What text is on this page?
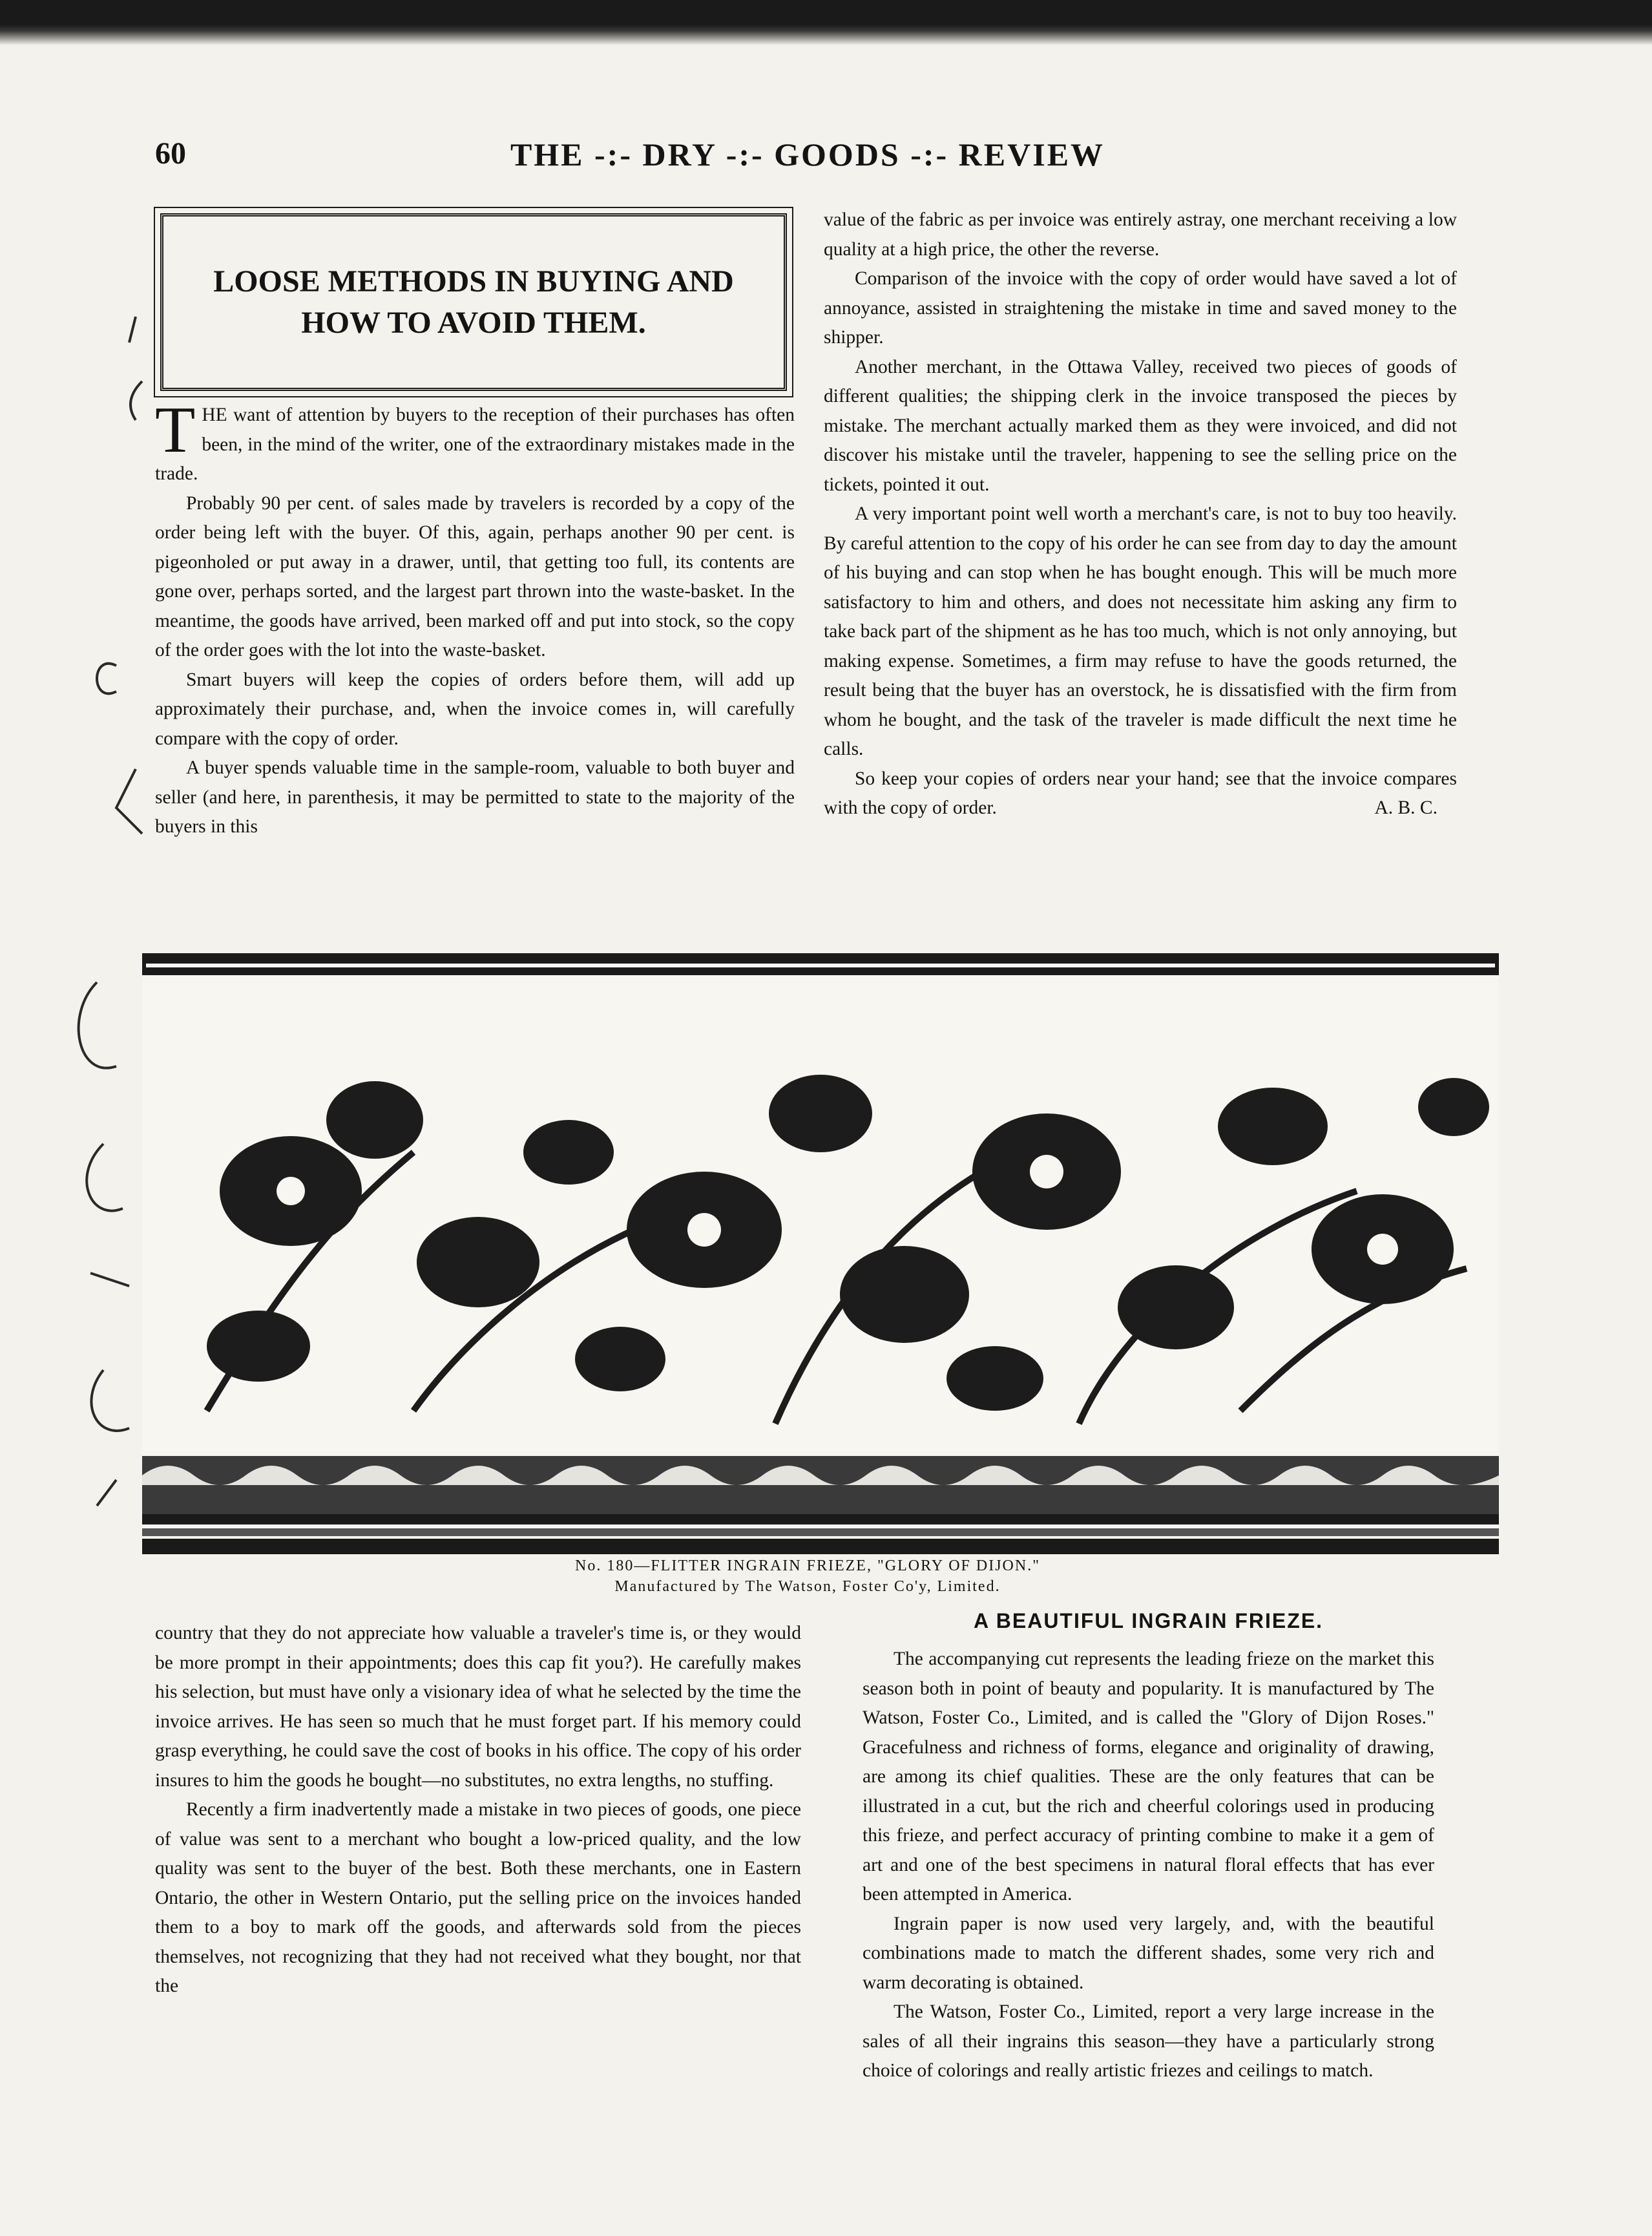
60	THE -:- DRY -:- GOODS -:- REVIEW
LOOSE METHODS IN BUYING AND
HOW TO AVOID THEM.

THE want of attention by buyers to the reception of their purchases has often been, in the mind of the writer, one of the extraordinary mistakes made in the trade.

Probably 90 per cent. of sales made by travelers is recorded by a copy of the order being left with the buyer. Of this, again, perhaps another 90 per cent. is pigeonholed or put away in a drawer, until, that getting too full, its contents are gone over, perhaps sorted, and the largest part thrown into the waste-basket. In the meantime, the goods have arrived, been marked off and put into stock, so the copy of the order goes with the lot into the waste-basket.

Smart buyers will keep the copies of orders before them, will add up approximately their purchase, and, when the invoice comes in, will carefully compare with the copy of order.

A buyer spends valuable time in the sample-room, valuable to both buyer and seller (and here, in parenthesis, it may be permitted to state to the majority of the buyers in this

value of the fabric as per invoice was entirely astray, one merchant receiving a low quality at a high price, the other the reverse.

Comparison of the invoice with the copy of order would have saved a lot of annoyance, assisted in straightening the mistake in time and saved money to the shipper.

Another merchant, in the Ottawa Valley, received two pieces of goods of different qualities; the shipping clerk in the invoice transposed the pieces by mistake. The merchant actually marked them as they were invoiced, and did not discover his mistake until the traveler, happening to see the selling price on the tickets, pointed it out.

A very important point well worth a merchant's care, is not to buy too heavily. By careful attention to the copy of his order he can see from day to day the amount of his buying and can stop when he has bought enough. This will be much more satisfactory to him and others, and does not necessitate him asking any firm to take back part of the shipment as he has too much, which is not only annoying, but making expense. Sometimes, a firm may refuse to have the goods returned, the result being that the buyer has an overstock, he is dissatisfied with the firm from whom he bought, and the task of the traveler is made difficult the next time he calls.

So keep your copies of orders near your hand; see that the invoice compares with the copy of order.	A. B. C.

No. 180—FLITTER INGRAIN FRIEZE, "GLORY OF DIJON."
Manufactured by The Watson, Foster Co'y, Limited.

country that they do not appreciate how valuable a traveler's time is, or they would be more prompt in their appointments; does this cap fit you?). He carefully makes his selection, but must have only a visionary idea of what he selected by the time the invoice arrives. He has seen so much that he must forget part. If his memory could grasp everything, he could save the cost of books in his office. The copy of his order insures to him the goods he bought—no substitutes, no extra lengths, no stuffing.

Recently a firm inadvertently made a mistake in two pieces of goods, one piece of value was sent to a merchant who bought a low-priced quality, and the low quality was sent to the buyer of the best. Both these merchants, one in Eastern Ontario, the other in Western Ontario, put the selling price on the invoices handed them to a boy to mark off the goods, and afterwards sold from the pieces themselves, not recognizing that they had not received what they bought, nor that the

A BEAUTIFUL INGRAIN FRIEZE.

The accompanying cut represents the leading frieze on the market this season both in point of beauty and popularity. It is manufactured by The Watson, Foster Co., Limited, and is called the "Glory of Dijon Roses." Gracefulness and richness of forms, elegance and originality of drawing, are among its chief qualities. These are the only features that can be illustrated in a cut, but the rich and cheerful colorings used in producing this frieze, and perfect accuracy of printing combine to make it a gem of art and one of the best specimens in natural floral effects that has ever been attempted in America.

Ingrain paper is now used very largely, and, with the beautiful combinations made to match the different shades, some very rich and warm decorating is obtained.

The Watson, Foster Co., Limited, report a very large increase in the sales of all their ingrains this season—they have a particularly strong choice of colorings and really artistic friezes and ceilings to match.
